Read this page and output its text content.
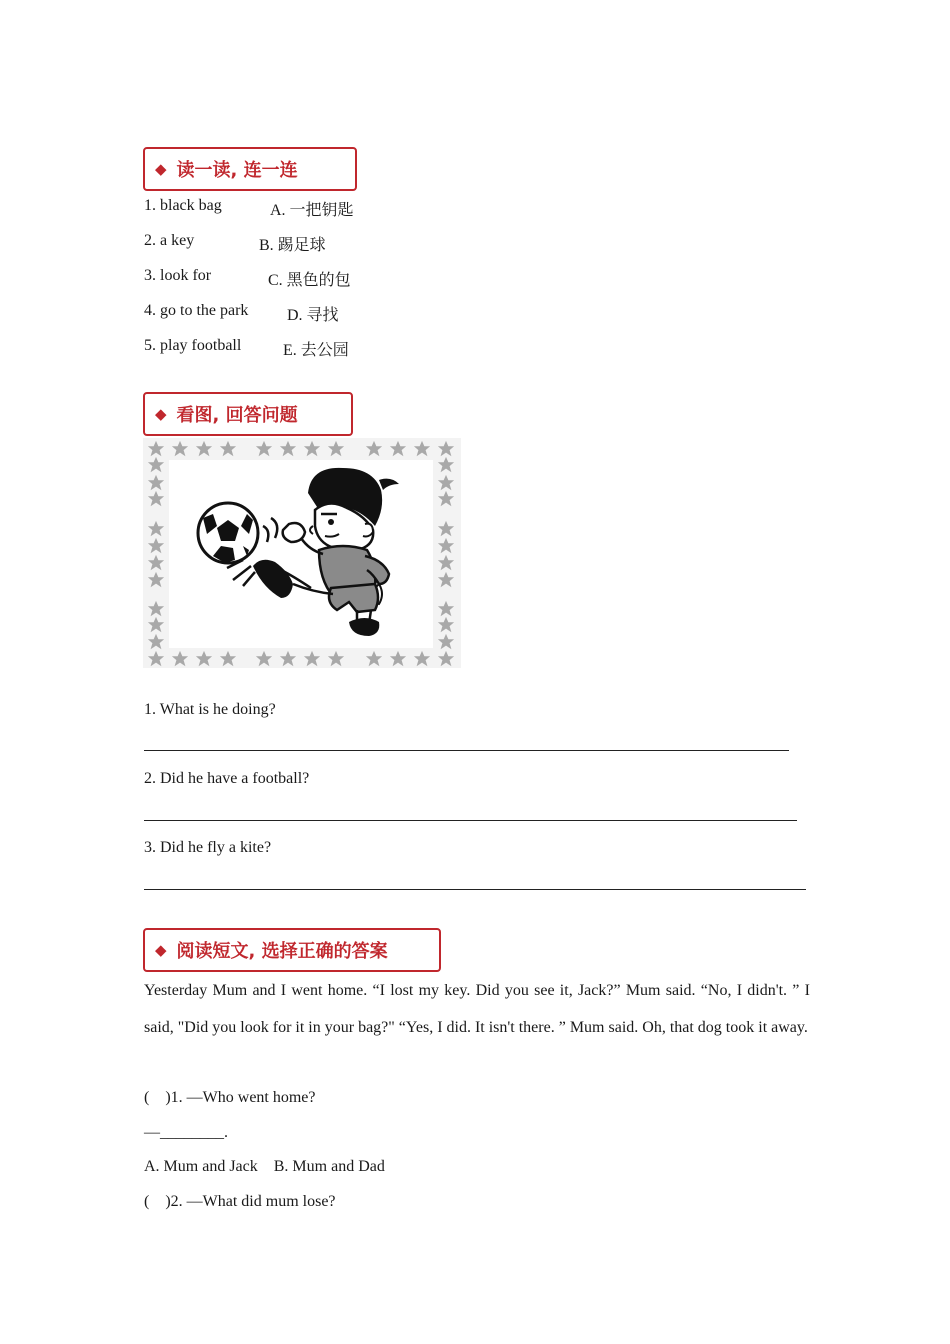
◆ 读一读, 连一连
1. black bag	A. 一把钥匙
2. a key	B. 踢足球
3. look for	C. 黑色的包
4. go to the park D. 寻找
5. play football	E. 去公园
◆ 看图, 回答问题
1. What is he doing?
2. Did he have a football?
3. Did he fly a kite?
◆ 阅读短文, 选择正确的答案
Yesterday Mum and I went home. “I lost my key. Did you see it, Jack?” Mum said. “No, I didn't. ” I said, "Did you look for it in your bag?" “Yes, I did. It isn't there. ” Mum said. Oh, that dog took it away.
(    )1. —Who went home?
—________.
A. Mum and Jack    B. Mum and Dad
(    )2. —What did mum lose?
